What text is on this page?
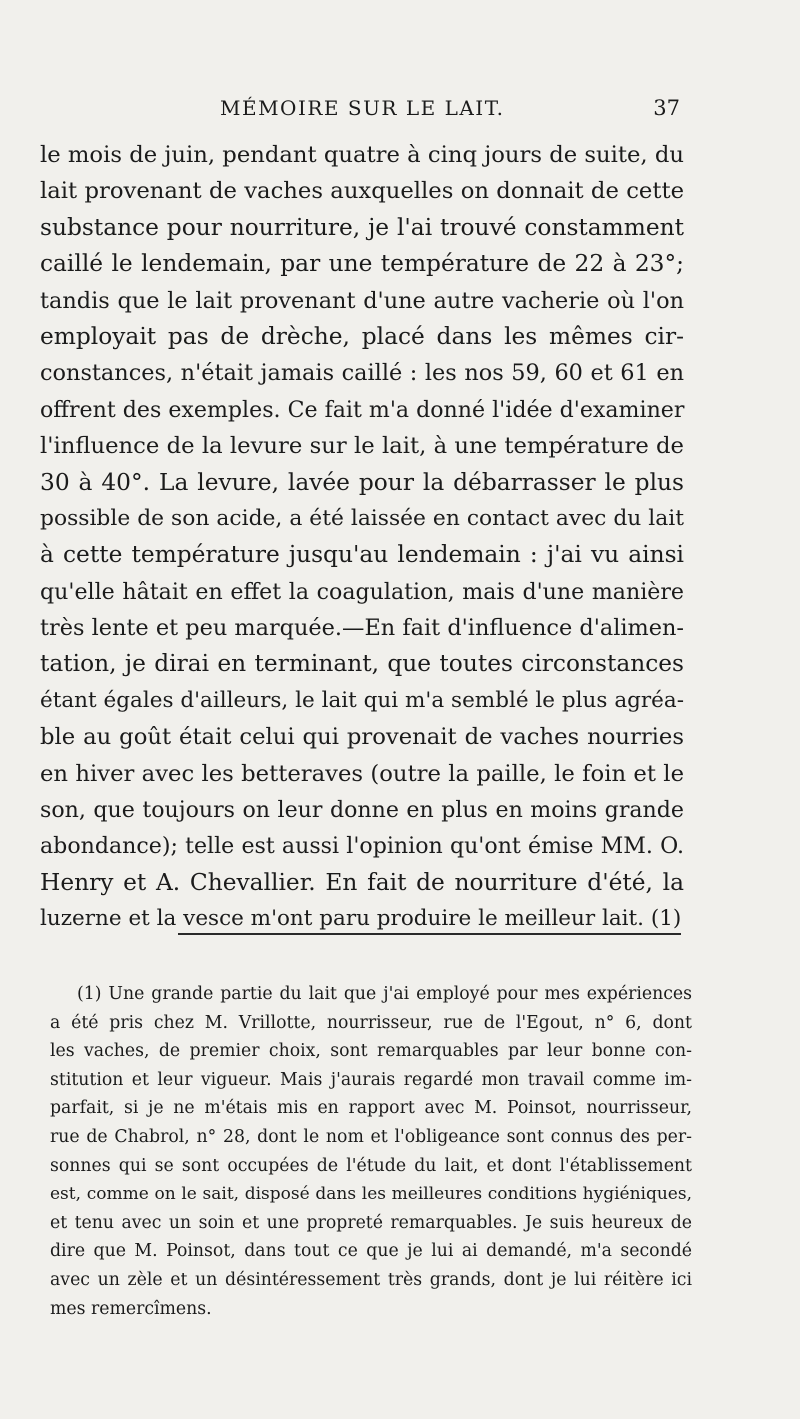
MÉMOIRE SUR LE LAIT.	37
le mois de juin, pendant quatre à cinq jours de suite, du
lait provenant de vaches auxquelles on donnait de cette
substance pour nourriture, je l'ai trouvé constamment
caillé le lendemain, par une température de 22 à 23°;
tandis que le lait provenant d'une autre vacherie où l'on
employait pas de drèche, placé dans les mêmes cir-
constances, n'était jamais caillé : les nos 59, 60 et 61 en
offrent des exemples. Ce fait m'a donné l'idée d'examiner
l'influence de la levure sur le lait, à une température de
30 à 40°. La levure, lavée pour la débarrasser le plus
possible de son acide, a été laissée en contact avec du lait
à cette température jusqu'au lendemain : j'ai vu ainsi
qu'elle hâtait en effet la coagulation, mais d'une manière
très lente et peu marquée.—En fait d'influence d'alimen-
tation, je dirai en terminant, que toutes circonstances
étant égales d'ailleurs, le lait qui m'a semblé le plus agréa-
ble au goût était celui qui provenait de vaches nourries
en hiver avec les betteraves (outre la paille, le foin et le
son, que toujours on leur donne en plus en moins grande
abondance); telle est aussi l'opinion qu'ont émise MM. O.
Henry et A. Chevallier. En fait de nourriture d'été, la
luzerne et la vesce m'ont paru produire le meilleur lait. (1)
(1) Une grande partie du lait que j'ai employé pour mes expériences
a été pris chez M. Vrillotte, nourrisseur, rue de l'Egout, n° 6, dont
les vaches, de premier choix, sont remarquables par leur bonne con-
stitution et leur vigueur. Mais j'aurais regardé mon travail comme im-
parfait, si je ne m'étais mis en rapport avec M. Poinsot, nourrisseur,
rue de Chabrol, n° 28, dont le nom et l'obligeance sont connus des per-
sonnes qui se sont occupées de l'étude du lait, et dont l'établissement
est, comme on le sait, disposé dans les meilleures conditions hygiéniques,
et tenu avec un soin et une propreté remarquables. Je suis heureux de
dire que M. Poinsot, dans tout ce que je lui ai demandé, m'a secondé
avec un zèle et un désintéressement très grands, dont je lui réitère ici
mes remercîmens.
